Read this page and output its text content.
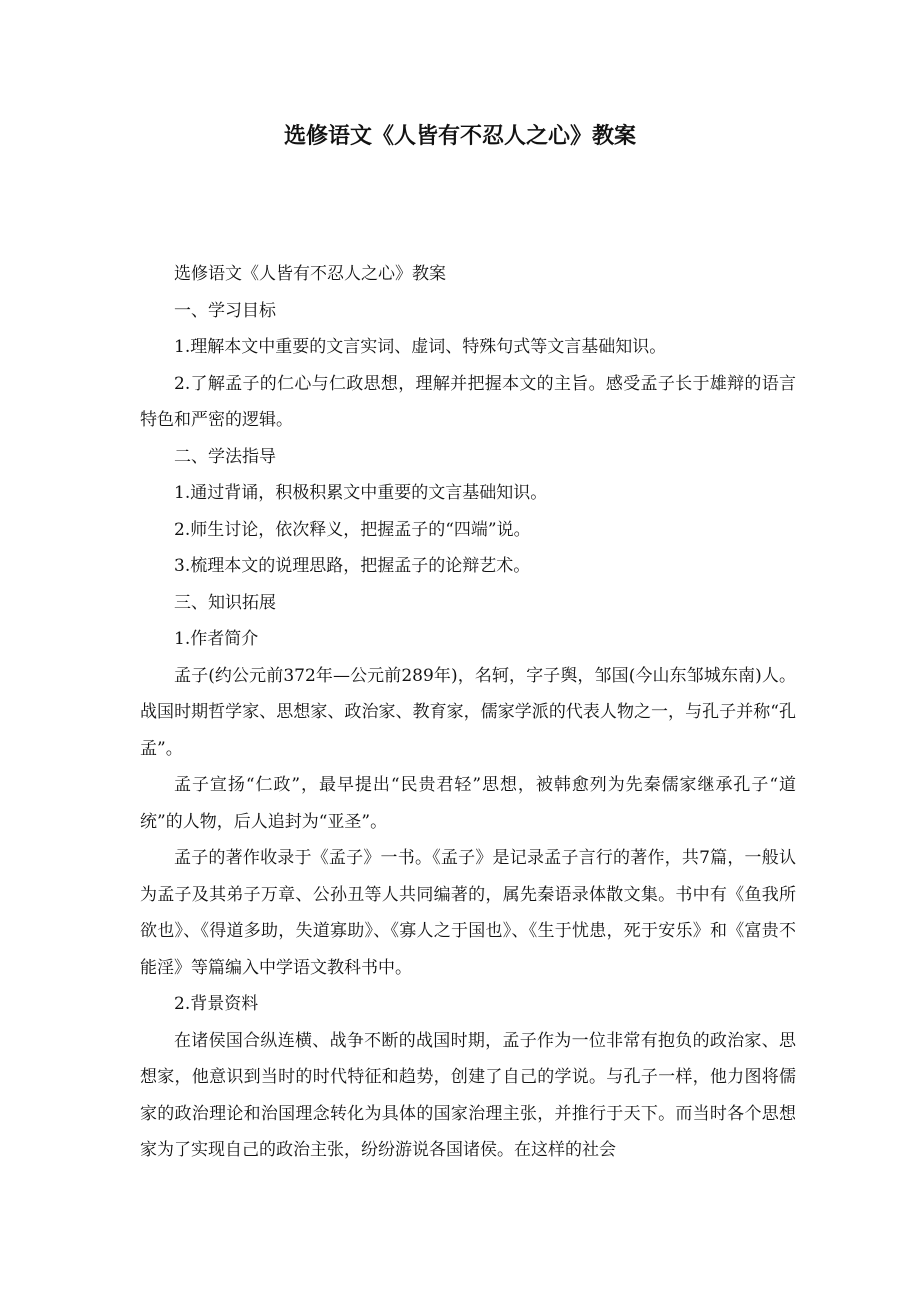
选修语文《人皆有不忍人之心》教案

选修语文《人皆有不忍人之心》教案

一、学习目标

1.理解本文中重要的文言实词、虚词、特殊句式等文言基础知识。

2.了解孟子的仁心与仁政思想，理解并把握本文的主旨。感受孟子长于雄辩的语言特色和严密的逻辑。

二、学法指导

1.通过背诵，积极积累文中重要的文言基础知识。

2.师生讨论，依次释义，把握孟子的“四端”说。

3.梳理本文的说理思路，把握孟子的论辩艺术。

三、知识拓展

1.作者简介

孟子(约公元前372年—公元前289年)，名轲，字子舆，邹国(今山东邹城东南)人。战国时期哲学家、思想家、政治家、教育家，儒家学派的代表人物之一，与孔子并称“孔孟”。

孟子宣扬“仁政”，最早提出“民贵君轻”思想，被韩愈列为先秦儒家继承孔子“道统”的人物，后人追封为“亚圣”。

孟子的著作收录于《孟子》一书。《孟子》是记录孟子言行的著作，共7篇，一般认为孟子及其弟子万章、公孙丑等人共同编著的，属先秦语录体散文集。书中有《鱼我所欲也》、《得道多助，失道寡助》、《寡人之于国也》、《生于忧患，死于安乐》和《富贵不能淫》等篇编入中学语文教科书中。

2.背景资料

在诸侯国合纵连横、战争不断的战国时期，孟子作为一位非常有抱负的政治家、思想家，他意识到当时的时代特征和趋势，创建了自己的学说。与孔子一样，他力图将儒家的政治理论和治国理念转化为具体的国家治理主张，并推行于天下。而当时各个思想家为了实现自己的政治主张，纷纷游说各国诸侯。在这样的社会
